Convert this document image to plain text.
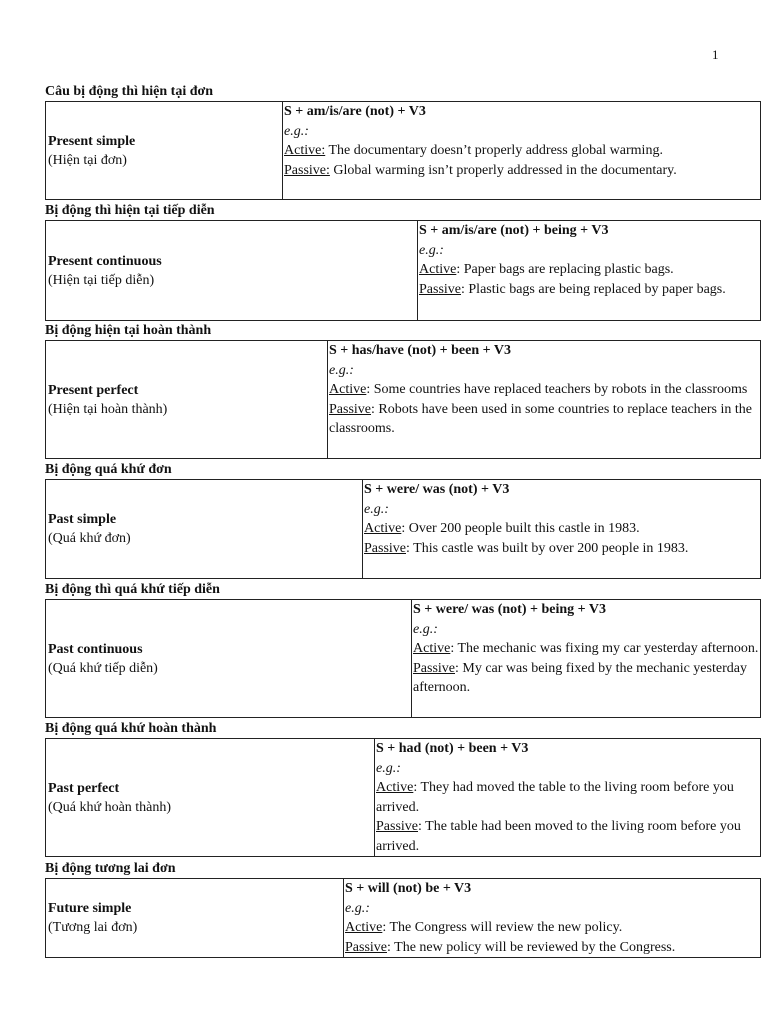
1
Câu bị động thì hiện tại đơn
Present simple
(Hiện tại đơn)
S + am/is/are (not) + V3
e.g.:
Active: The documentary doesn’t properly address global warming.
Passive: Global warming isn’t properly addressed in the documentary.
Bị động thì hiện tại tiếp diễn
Present continuous
(Hiện tại tiếp diễn)
S + am/is/are (not) + being + V3
e.g.:
Active: Paper bags are replacing plastic bags.
Passive: Plastic bags are being replaced by paper bags.
Bị động hiện tại hoàn thành
Present perfect
(Hiện tại hoàn thành)
S + has/have (not) + been + V3
e.g.:
Active: Some countries have replaced teachers by robots in the classrooms
Passive: Robots have been used in some countries to replace teachers in the classrooms.
Bị động quá khứ đơn
Past simple
(Quá khứ đơn)
S + were/ was (not) + V3
e.g.:
Active: Over 200 people built this castle in 1983.
Passive: This castle was built by over 200 people in 1983.
Bị động thì quá khứ tiếp diễn
Past continuous
(Quá khứ tiếp diễn)
S + were/ was (not) + being + V3
e.g.:
Active: The mechanic was fixing my car yesterday afternoon.
Passive: My car was being fixed by the mechanic yesterday afternoon.
Bị động quá khứ hoàn thành
Past perfect
(Quá khứ hoàn thành)
S + had (not) + been + V3
e.g.:
Active: They had moved the table to the living room before you arrived.
Passive: The table had been moved to the living room before you arrived.
Bị động tương lai đơn
Future simple
(Tương lai đơn)
S + will (not) be + V3
e.g.:
Active: The Congress will review the new policy.
Passive: The new policy will be reviewed by the Congress.
